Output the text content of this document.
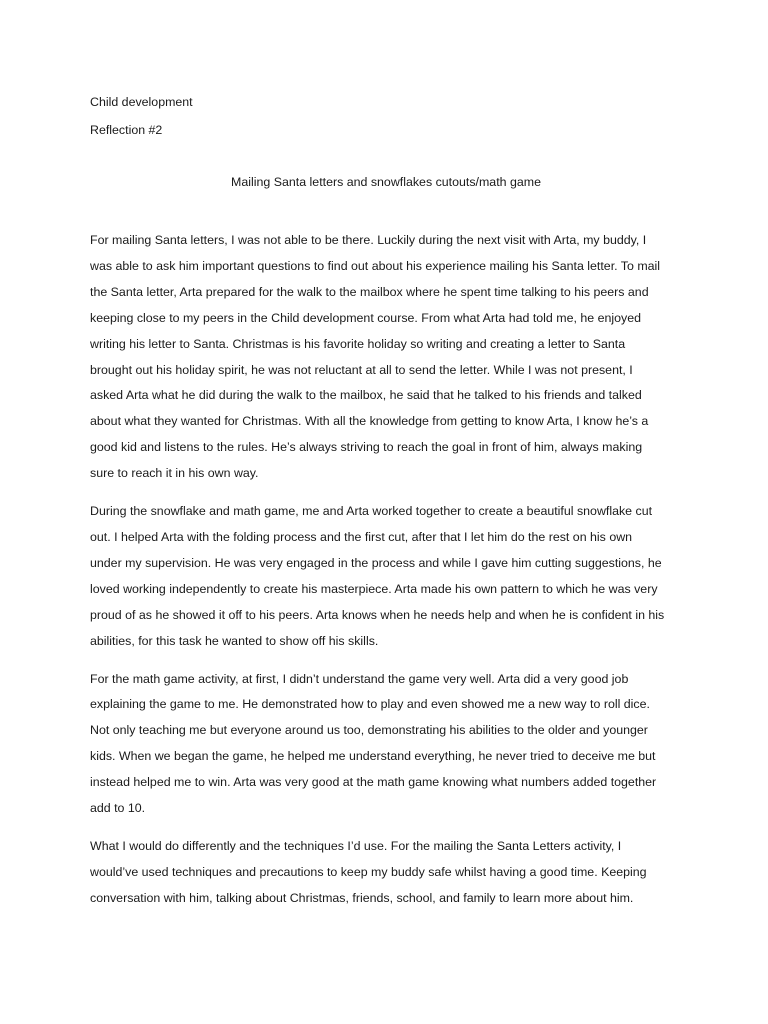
Child development
Reflection #2
Mailing Santa letters and snowflakes cutouts/math game
For mailing Santa letters, I was not able to be there. Luckily during the next visit with Arta, my buddy, I
was able to ask him important questions to find out about his experience mailing his Santa letter. To mail
the Santa letter, Arta prepared for the walk to the mailbox where he spent time talking to his peers and
keeping close to my peers in the Child development course. From what Arta had told me, he enjoyed
writing his letter to Santa. Christmas is his favorite holiday so writing and creating a letter to Santa
brought out his holiday spirit, he was not reluctant at all to send the letter. While I was not present, I
asked Arta what he did during the walk to the mailbox, he said that he talked to his friends and talked
about what they wanted for Christmas. With all the knowledge from getting to know Arta, I know he’s a
good kid and listens to the rules. He’s always striving to reach the goal in front of him, always making
sure to reach it in his own way.
During the snowflake and math game, me and Arta worked together to create a beautiful snowflake cut
out. I helped Arta with the folding process and the first cut, after that I let him do the rest on his own
under my supervision. He was very engaged in the process and while I gave him cutting suggestions, he
loved working independently to create his masterpiece. Arta made his own pattern to which he was very
proud of as he showed it off to his peers. Arta knows when he needs help and when he is confident in his
abilities, for this task he wanted to show off his skills.
For the math game activity, at first, I didn’t understand the game very well. Arta did a very good job
explaining the game to me. He demonstrated how to play and even showed me a new way to roll dice.
Not only teaching me but everyone around us too, demonstrating his abilities to the older and younger
kids. When we began the game, he helped me understand everything, he never tried to deceive me but
instead helped me to win. Arta was very good at the math game knowing what numbers added together
add to 10.
What I would do differently and the techniques I’d use. For the mailing the Santa Letters activity, I
would’ve used techniques and precautions to keep my buddy safe whilst having a good time. Keeping
conversation with him, talking about Christmas, friends, school, and family to learn more about him.
